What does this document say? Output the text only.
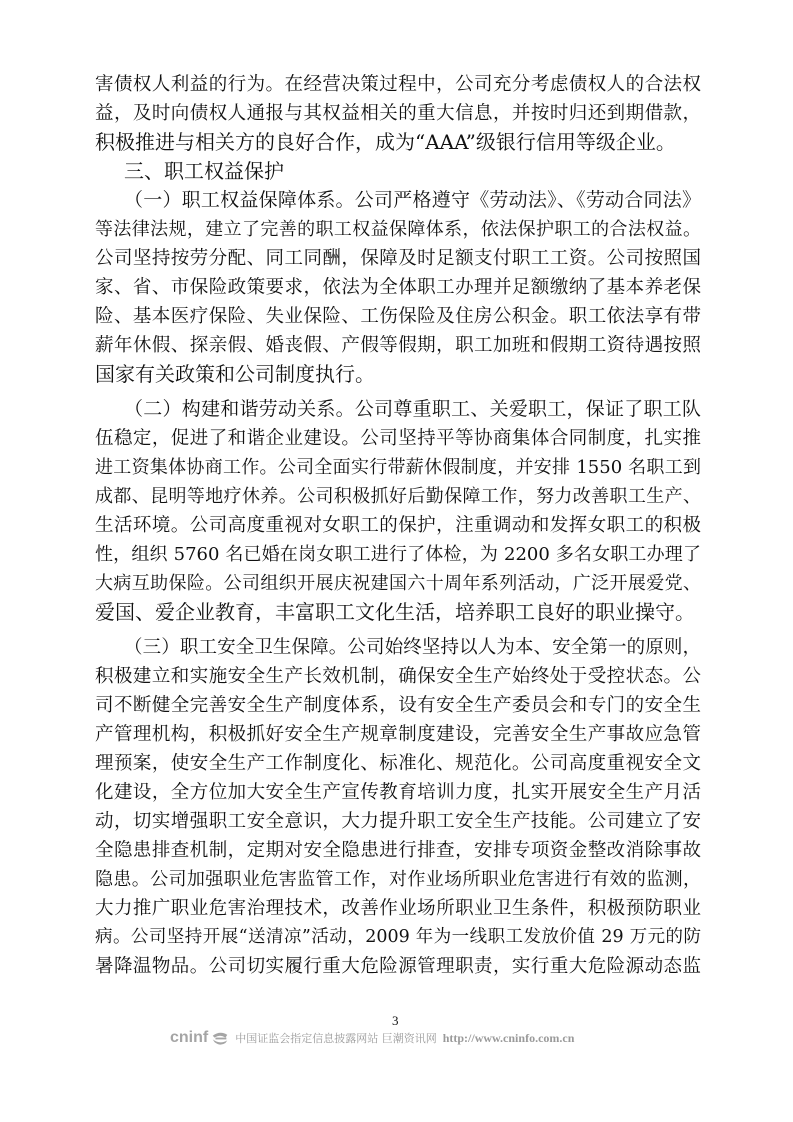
害债权人利益的行为。在经营决策过程中，公司充分考虑债权人的合法权
益，及时向债权人通报与其权益相关的重大信息，并按时归还到期借款，
积极推进与相关方的良好合作，成为“AAA”级银行信用等级企业。
三、职工权益保护
（一）职工权益保障体系。公司严格遵守《劳动法》、《劳动合同法》
等法律法规，建立了完善的职工权益保障体系，依法保护职工的合法权益。
公司坚持按劳分配、同工同酬，保障及时足额支付职工工资。公司按照国
家、省、市保险政策要求，依法为全体职工办理并足额缴纳了基本养老保
险、基本医疗保险、失业保险、工伤保险及住房公积金。职工依法享有带
薪年休假、探亲假、婚丧假、产假等假期，职工加班和假期工资待遇按照
国家有关政策和公司制度执行。
（二）构建和谐劳动关系。公司尊重职工、关爱职工，保证了职工队
伍稳定，促进了和谐企业建设。公司坚持平等协商集体合同制度，扎实推
进工资集体协商工作。公司全面实行带薪休假制度，并安排 1550 名职工到
成都、昆明等地疗休养。公司积极抓好后勤保障工作，努力改善职工生产、
生活环境。公司高度重视对女职工的保护，注重调动和发挥女职工的积极
性，组织 5760 名已婚在岗女职工进行了体检，为 2200 多名女职工办理了
大病互助保险。公司组织开展庆祝建国六十周年系列活动，广泛开展爱党、
爱国、爱企业教育，丰富职工文化生活，培养职工良好的职业操守。
（三）职工安全卫生保障。公司始终坚持以人为本、安全第一的原则，
积极建立和实施安全生产长效机制，确保安全生产始终处于受控状态。公
司不断健全完善安全生产制度体系，设有安全生产委员会和专门的安全生
产管理机构，积极抓好安全生产规章制度建设，完善安全生产事故应急管
理预案，使安全生产工作制度化、标准化、规范化。公司高度重视安全文
化建设，全方位加大安全生产宣传教育培训力度，扎实开展安全生产月活
动，切实增强职工安全意识，大力提升职工安全生产技能。公司建立了安
全隐患排查机制，定期对安全隐患进行排查，安排专项资金整改消除事故
隐患。公司加强职业危害监管工作，对作业场所职业危害进行有效的监测，
大力推广职业危害治理技术，改善作业场所职业卫生条件，积极预防职业
病。公司坚持开展“送清凉”活动，2009 年为一线职工发放价值 29 万元的防
暑降温物品。公司切实履行重大危险源管理职责，实行重大危险源动态监
3
cninf 中国证监会指定信息披露网站 巨潮资讯网 http://www.cninfo.com.cn
